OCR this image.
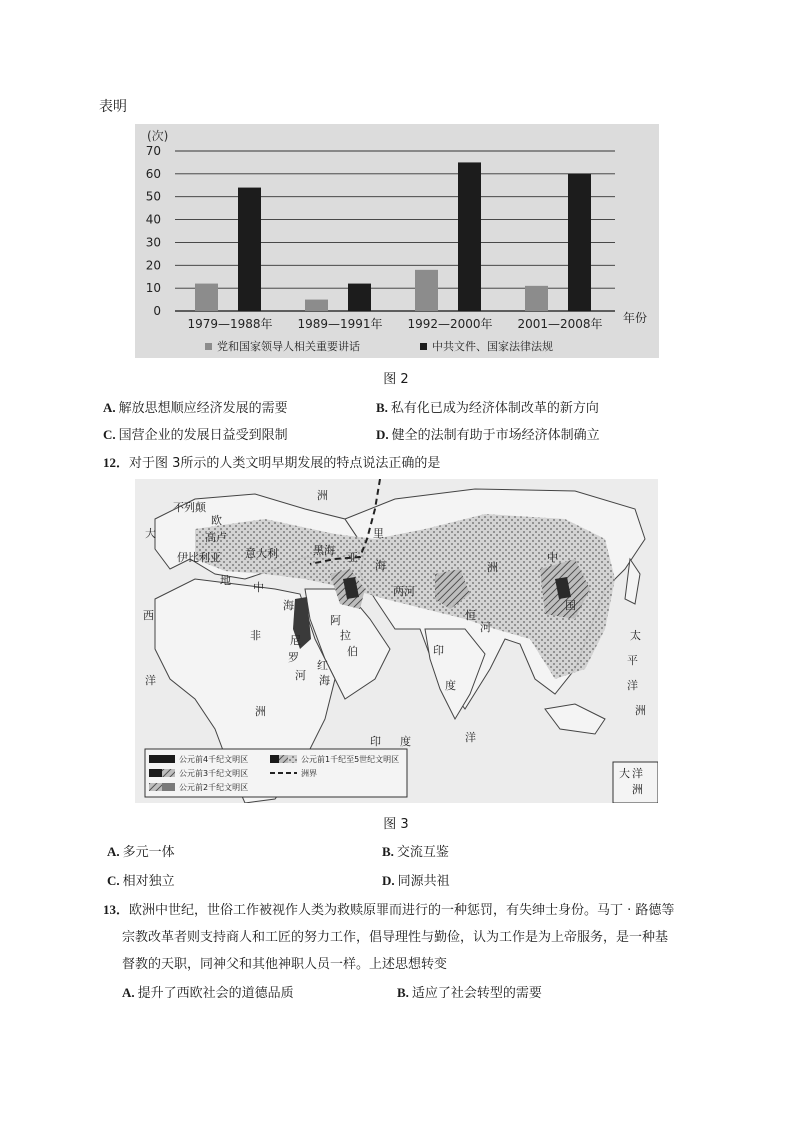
表明
0
10
20
30
40
50
60
70
1979—1988年 1989—1991年 1992—2000年 2001—2008年
(次)
年份
党和国家领导人相关重要讲话	中共文件、国家法律法规
图 2
A. 解放思想顺应经济发展的需要	B. 私有化已成为经济体制改革的新方向
C. 国营企业的发展日益受到限制	D. 健全的法制有助于市场经济体制确立
12．对于图 3所示的人类文明早期发展的特点说法正确的是
不列颠
欧
洲
大	高卢
伊比利亚 意大利
地
中
黑海
里
海
亚
两河
海
西
非	尼
罗
河
阿
拉
伯
红
海
洲
恒
河
印
度
洲
中
国
太
平
洋
洋
洲
印 度	洋
公元前4千纪文明区
公元前3千纪文明区
公元前2千纪文明区
公元前1千纪至5世纪文明区
洲界	大 洋
洲
图 3
A. 多元一体	B. 交流互鉴
C. 相对独立	D. 同源共祖
13．欧洲中世纪，世俗工作被视作人类为救赎原罪而进行的一种惩罚，有失绅士身份。马丁 · 路德等
宗教改革者则支持商人和工匠的努力工作，倡导理性与勤俭，认为工作是为上帝服务，是一种基
督教的天职，同神父和其他神职人员一样。上述思想转变
A. 提升了西欧社会的道德品质	B. 适应了社会转型的需要
